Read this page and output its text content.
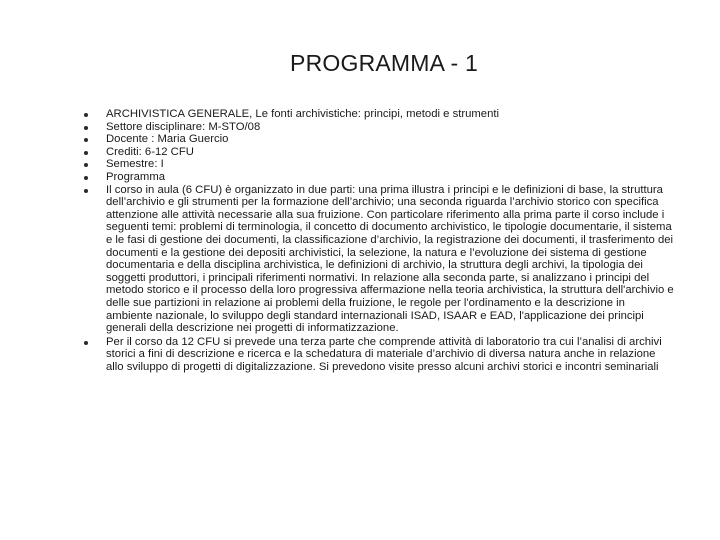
PROGRAMMA - 1
ARCHIVISTICA GENERALE, Le fonti archivistiche: principi, metodi e strumenti
Settore disciplinare: M-STO/08
Docente : Maria Guercio
Crediti: 6-12 CFU
Semestre: I
Programma
Il corso in aula (6 CFU) è organizzato in due parti: una prima illustra i principi e le definizioni di base, la struttura dell’archivio e gli strumenti per la formazione dell’archivio; una seconda riguarda l’archivio storico con specifica attenzione alle attività necessarie alla sua fruizione. Con particolare riferimento alla prima parte il corso include i seguenti temi: problemi di terminologia, il concetto di documento archivistico, le tipologie documentarie, il sistema e le fasi di gestione dei documenti, la classificazione d’archivio, la registrazione dei documenti, il trasferimento dei documenti e la gestione dei depositi archivistici, la selezione, la natura e l’evoluzione dei sistema di gestione documentaria e della disciplina archivistica, le definizioni di archivio, la struttura degli archivi, la tipologia dei soggetti produttori, i principali riferimenti normativi. In relazione alla seconda parte, si analizzano i principi del metodo storico e il processo della loro progressiva affermazione nella teoria archivistica, la struttura dell'archivio e delle sue partizioni in relazione ai problemi della fruizione, le regole per l'ordinamento e la descrizione in ambiente nazionale, lo sviluppo degli standard internazionali ISAD, ISAAR e EAD, l'applicazione dei principi generali della descrizione nei progetti di informatizzazione.
Per il corso da 12 CFU si prevede una terza parte che comprende attività di laboratorio tra cui l’analisi di archivi storici a fini di descrizione e ricerca e la schedatura di materiale d’archivio di diversa natura anche in relazione allo sviluppo di progetti di digitalizzazione. Si prevedono visite presso alcuni archivi storici e incontri seminariali
